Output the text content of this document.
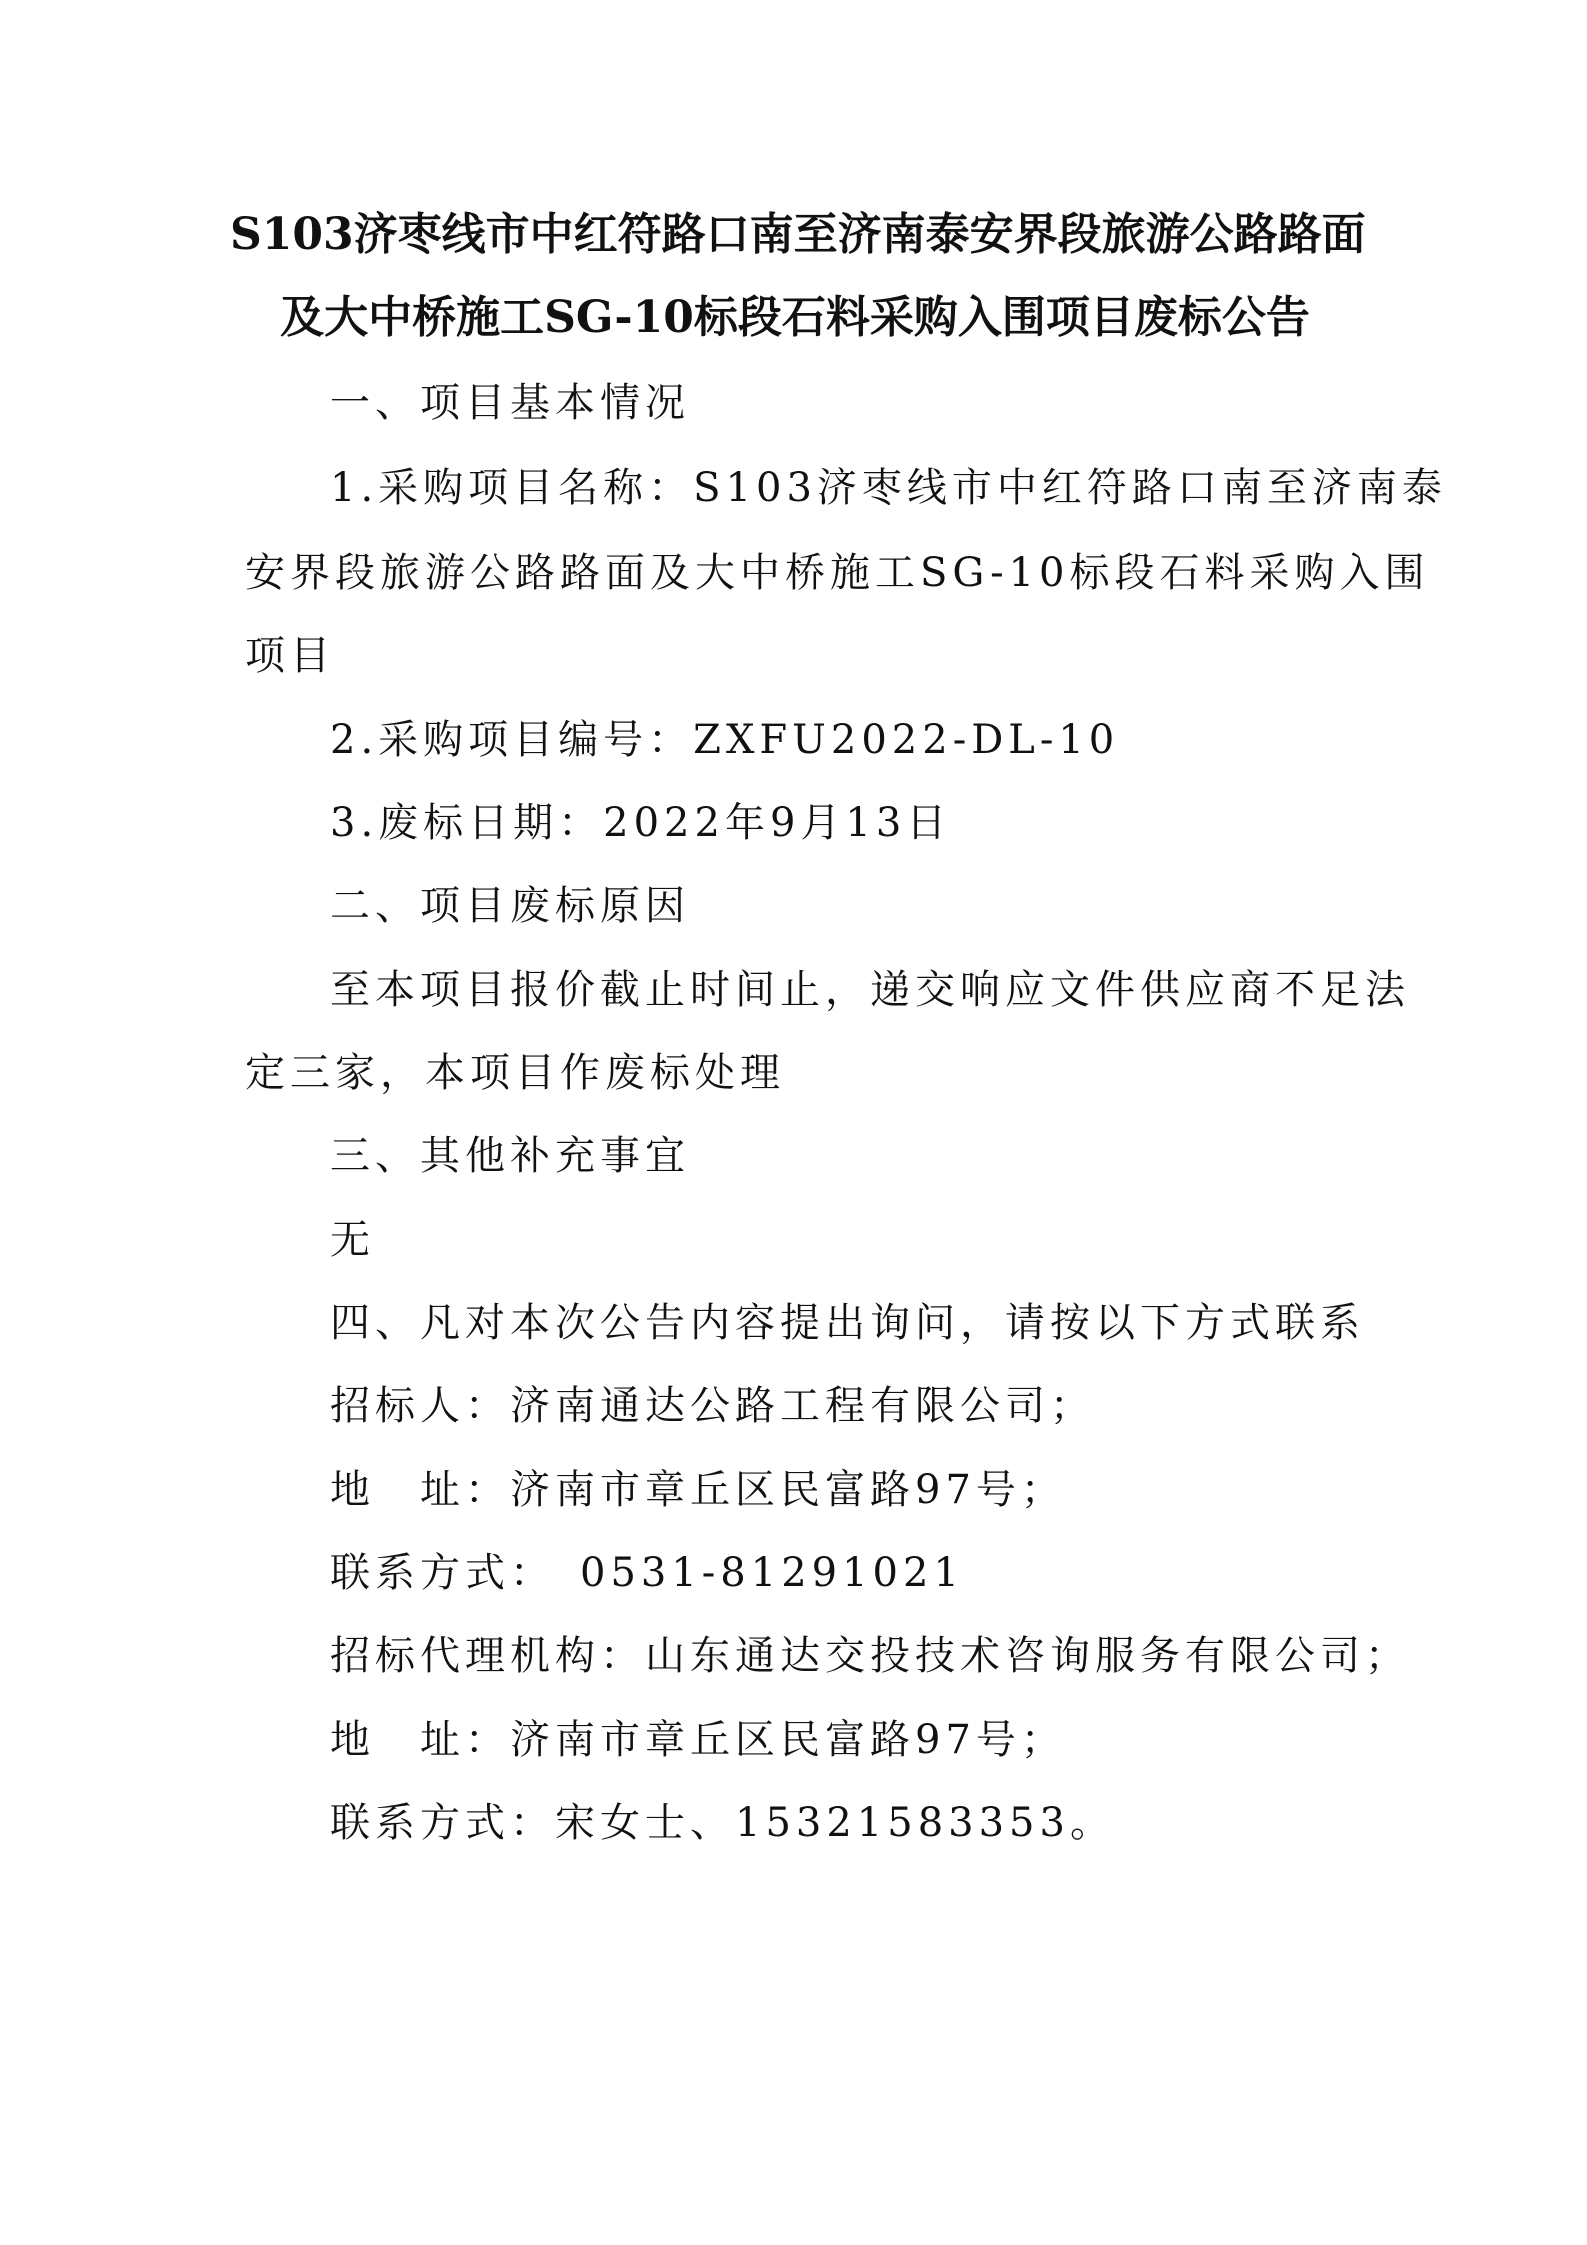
S103济枣线市中红符路口南至济南泰安界段旅游公路路面
及大中桥施工SG-10标段石料采购入围项目废标公告
一、项目基本情况
1.采购项目名称：S103济枣线市中红符路口南至济南泰
安界段旅游公路路面及大中桥施工SG-10标段石料采购入围
项目
2.采购项目编号：ZXFU2022-DL-10
3.废标日期：2022年9月13日
二、项目废标原因
至本项目报价截止时间止，递交响应文件供应商不足法
定三家，本项目作废标处理
三、其他补充事宜
无
四、凡对本次公告内容提出询问，请按以下方式联系
招标人：济南通达公路工程有限公司；
地　址：济南市章丘区民富路97号；
联系方式：　0531-81291021
招标代理机构：山东通达交投技术咨询服务有限公司；
地　址：济南市章丘区民富路97号；
联系方式：宋女士、15321583353。
